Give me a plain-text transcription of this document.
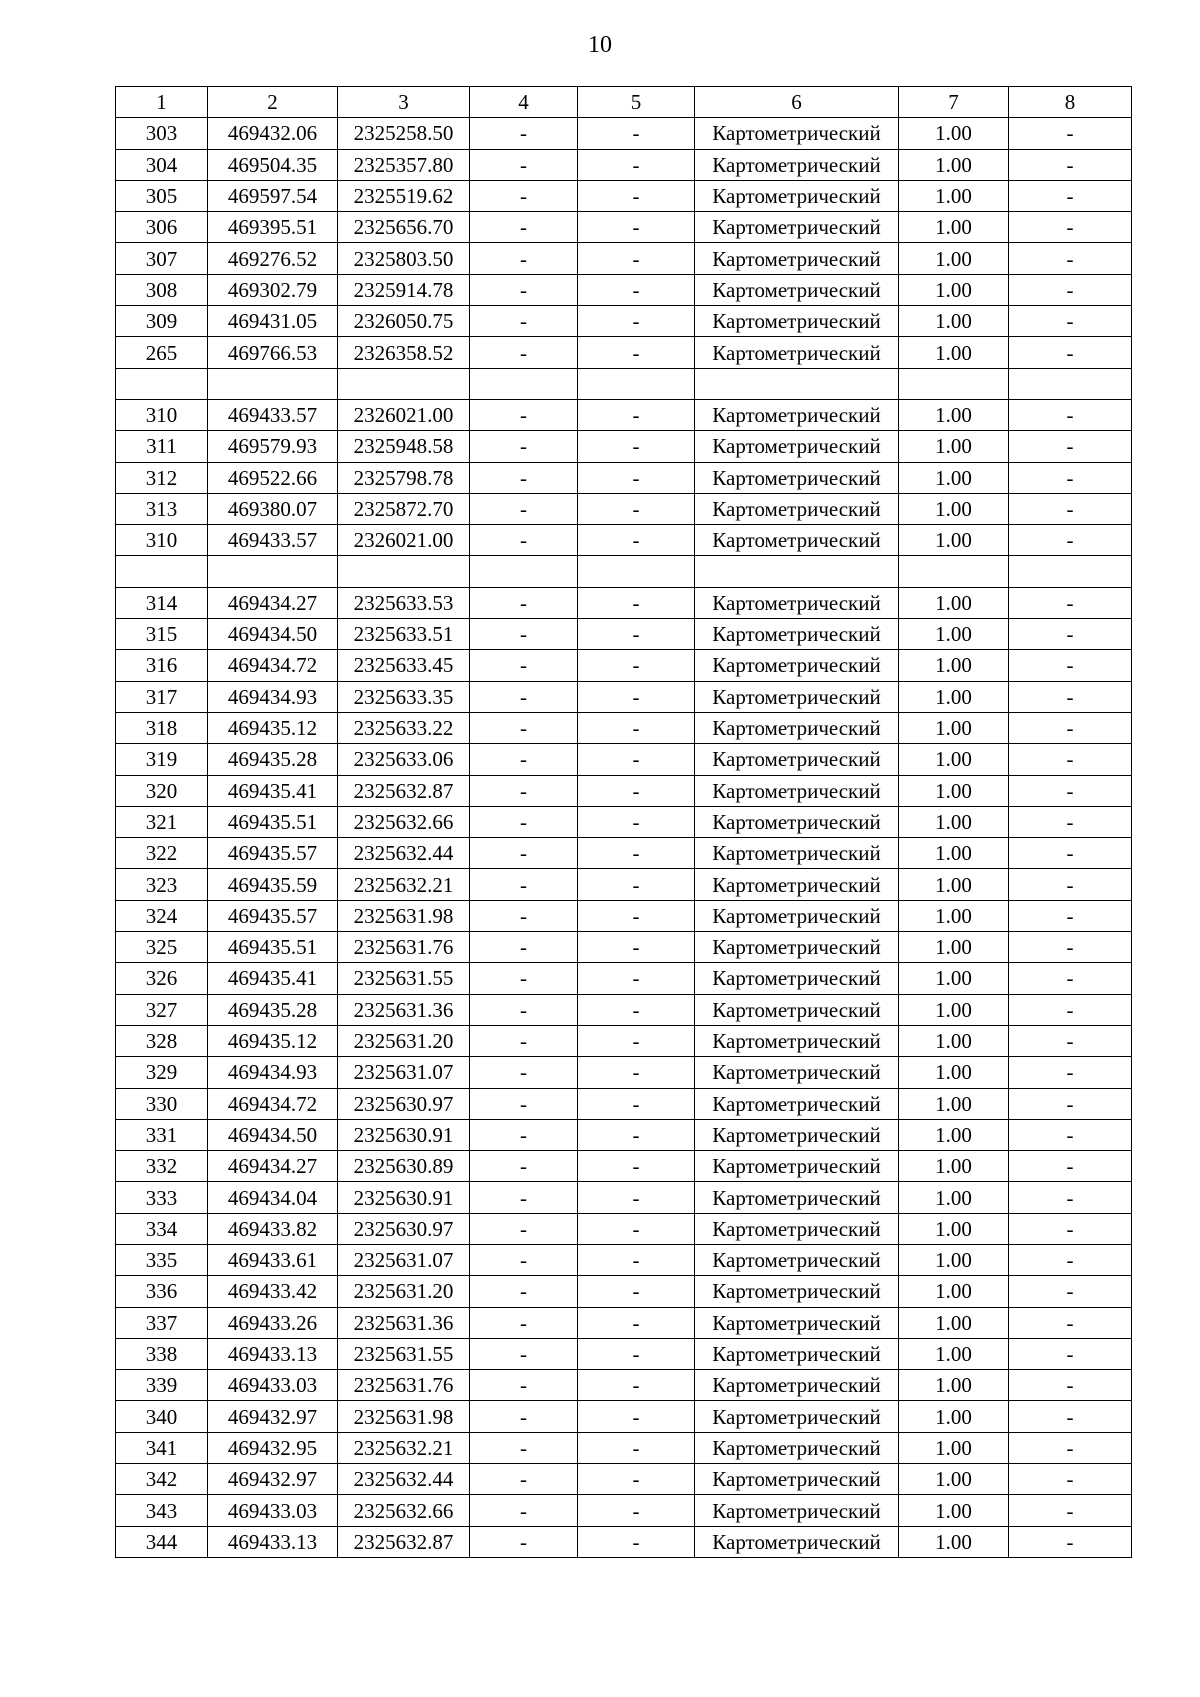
10
1	2	3	4	5	6	7	8
303	469432.06	2325258.50	-	-	Картометрический	1.00	-
304	469504.35	2325357.80	-	-	Картометрический	1.00	-
305	469597.54	2325519.62	-	-	Картометрический	1.00	-
306	469395.51	2325656.70	-	-	Картометрический	1.00	-
307	469276.52	2325803.50	-	-	Картометрический	1.00	-
308	469302.79	2325914.78	-	-	Картометрический	1.00	-
309	469431.05	2326050.75	-	-	Картометрический	1.00	-
265	469766.53	2326358.52	-	-	Картометрический	1.00	-

310	469433.57	2326021.00	-	-	Картометрический	1.00	-
311	469579.93	2325948.58	-	-	Картометрический	1.00	-
312	469522.66	2325798.78	-	-	Картометрический	1.00	-
313	469380.07	2325872.70	-	-	Картометрический	1.00	-
310	469433.57	2326021.00	-	-	Картометрический	1.00	-

314	469434.27	2325633.53	-	-	Картометрический	1.00	-
315	469434.50	2325633.51	-	-	Картометрический	1.00	-
316	469434.72	2325633.45	-	-	Картометрический	1.00	-
317	469434.93	2325633.35	-	-	Картометрический	1.00	-
318	469435.12	2325633.22	-	-	Картометрический	1.00	-
319	469435.28	2325633.06	-	-	Картометрический	1.00	-
320	469435.41	2325632.87	-	-	Картометрический	1.00	-
321	469435.51	2325632.66	-	-	Картометрический	1.00	-
322	469435.57	2325632.44	-	-	Картометрический	1.00	-
323	469435.59	2325632.21	-	-	Картометрический	1.00	-
324	469435.57	2325631.98	-	-	Картометрический	1.00	-
325	469435.51	2325631.76	-	-	Картометрический	1.00	-
326	469435.41	2325631.55	-	-	Картометрический	1.00	-
327	469435.28	2325631.36	-	-	Картометрический	1.00	-
328	469435.12	2325631.20	-	-	Картометрический	1.00	-
329	469434.93	2325631.07	-	-	Картометрический	1.00	-
330	469434.72	2325630.97	-	-	Картометрический	1.00	-
331	469434.50	2325630.91	-	-	Картометрический	1.00	-
332	469434.27	2325630.89	-	-	Картометрический	1.00	-
333	469434.04	2325630.91	-	-	Картометрический	1.00	-
334	469433.82	2325630.97	-	-	Картометрический	1.00	-
335	469433.61	2325631.07	-	-	Картометрический	1.00	-
336	469433.42	2325631.20	-	-	Картометрический	1.00	-
337	469433.26	2325631.36	-	-	Картометрический	1.00	-
338	469433.13	2325631.55	-	-	Картометрический	1.00	-
339	469433.03	2325631.76	-	-	Картометрический	1.00	-
340	469432.97	2325631.98	-	-	Картометрический	1.00	-
341	469432.95	2325632.21	-	-	Картометрический	1.00	-
342	469432.97	2325632.44	-	-	Картометрический	1.00	-
343	469433.03	2325632.66	-	-	Картометрический	1.00	-
344	469433.13	2325632.87	-	-	Картометрический	1.00	-
